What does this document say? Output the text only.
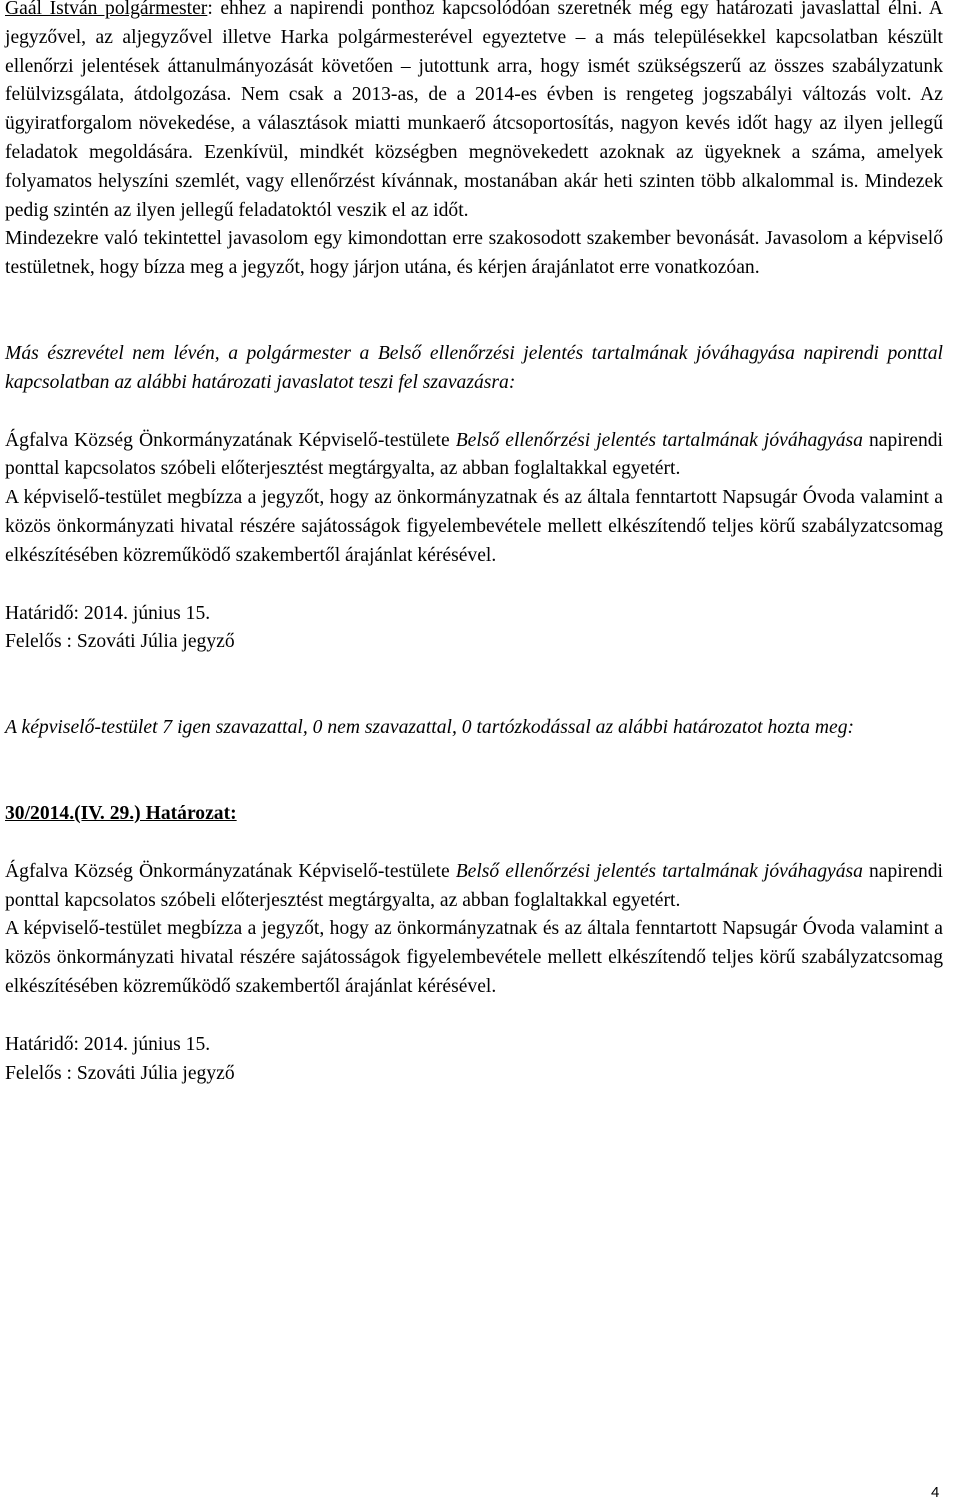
Gaál István polgármester: ehhez a napirendi ponthoz kapcsolódóan szeretnék még egy határozati javaslattal élni. A jegyzővel, az aljegyzővel illetve Harka polgármesterével egyeztetve – a más településekkel kapcsolatban készült ellenőrzi jelentések áttanulmányozását követően – jutottunk arra, hogy ismét szükségszerű az összes szabályzatunk felülvizsgálata, átdolgozása. Nem csak a 2013-as, de a 2014-es évben is rengeteg jogszabályi változás volt. Az ügyiratforgalom növekedése, a választások miatti munkaerő átcsoportosítás, nagyon kevés időt hagy az ilyen jellegű feladatok megoldására. Ezenkívül, mindkét községben megnövekedett azoknak az ügyeknek a száma, amelyek folyamatos helyszíni szemlét, vagy ellenőrzést kívánnak, mostanában akár heti szinten több alkalommal is. Mindezek pedig szintén az ilyen jellegű feladatoktól veszik el az időt.

Mindezekre való tekintettel javasolom egy kimondottan erre szakosodott szakember bevonását. Javasolom a képviselő testületnek, hogy bízza meg a jegyzőt, hogy járjon utána, és kérjen árajánlatot erre vonatkozóan.

Más észrevétel nem lévén, a polgármester a Belső ellenőrzési jelentés tartalmának jóváhagyása napirendi ponttal kapcsolatban az alábbi határozati javaslatot teszi fel szavazásra:

Ágfalva Község Önkormányzatának Képviselő-testülete Belső ellenőrzési jelentés tartalmának jóváhagyása napirendi ponttal kapcsolatos szóbeli előterjesztést megtárgyalta, az abban foglaltakkal egyetért.

A képviselő-testület megbízza a jegyzőt, hogy az önkormányzatnak és az általa fenntartott Napsugár Óvoda valamint a közös önkormányzati hivatal részére sajátosságok figyelembevétele mellett elkészítendő teljes körű szabályzatcsomag elkészítésében közreműködő szakembertől árajánlat kérésével.

Határidő: 2014. június 15.

Felelős : Szováti Júlia jegyző

A képviselő-testület 7 igen szavazattal, 0 nem szavazattal, 0 tartózkodással az alábbi határozatot hozta meg:

30/2014.(IV. 29.) Határozat:

Ágfalva Község Önkormányzatának Képviselő-testülete Belső ellenőrzési jelentés tartalmának jóváhagyása napirendi ponttal kapcsolatos szóbeli előterjesztést megtárgyalta, az abban foglaltakkal egyetért.

A képviselő-testület megbízza a jegyzőt, hogy az önkormányzatnak és az általa fenntartott Napsugár Óvoda valamint a közös önkormányzati hivatal részére sajátosságok figyelembevétele mellett elkészítendő teljes körű szabályzatcsomag elkészítésében közreműködő szakembertől árajánlat kérésével.

Határidő: 2014. június 15.

Felelős : Szováti Júlia jegyző

4
